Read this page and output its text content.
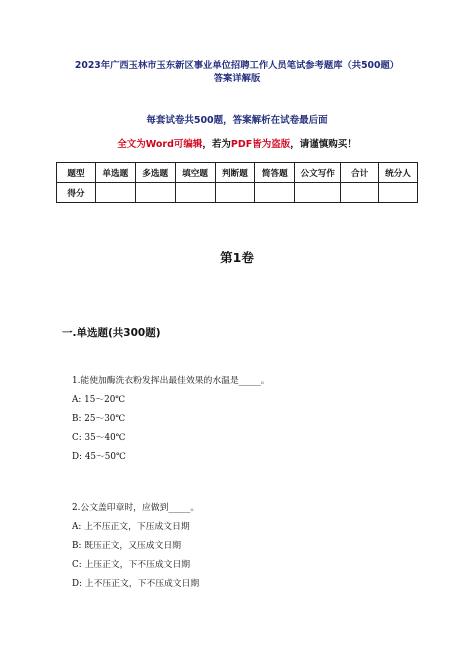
2023年广西玉林市玉东新区事业单位招聘工作人员笔试参考题库（共500题）
答案详解版
每套试卷共500题，答案解析在试卷最后面
全文为Word可编辑，若为PDF皆为盗版，请谨慎购买！
题型	单选题	多选题	填空题	判断题	简答题	公文写作	合计	统分人
得分								
第1卷
一.单选题(共300题)
1.能使加酶洗衣粉发挥出最佳效果的水温是_____。
A: 15～20℃
B: 25～30℃
C: 35～40℃
D: 45～50℃
2.公文盖印章时，应做到_____。
A: 上不压正文，下压成文日期
B: 既压正文，又压成文日期
C: 上压正文，下不压成文日期
D: 上不压正文，下不压成文日期
